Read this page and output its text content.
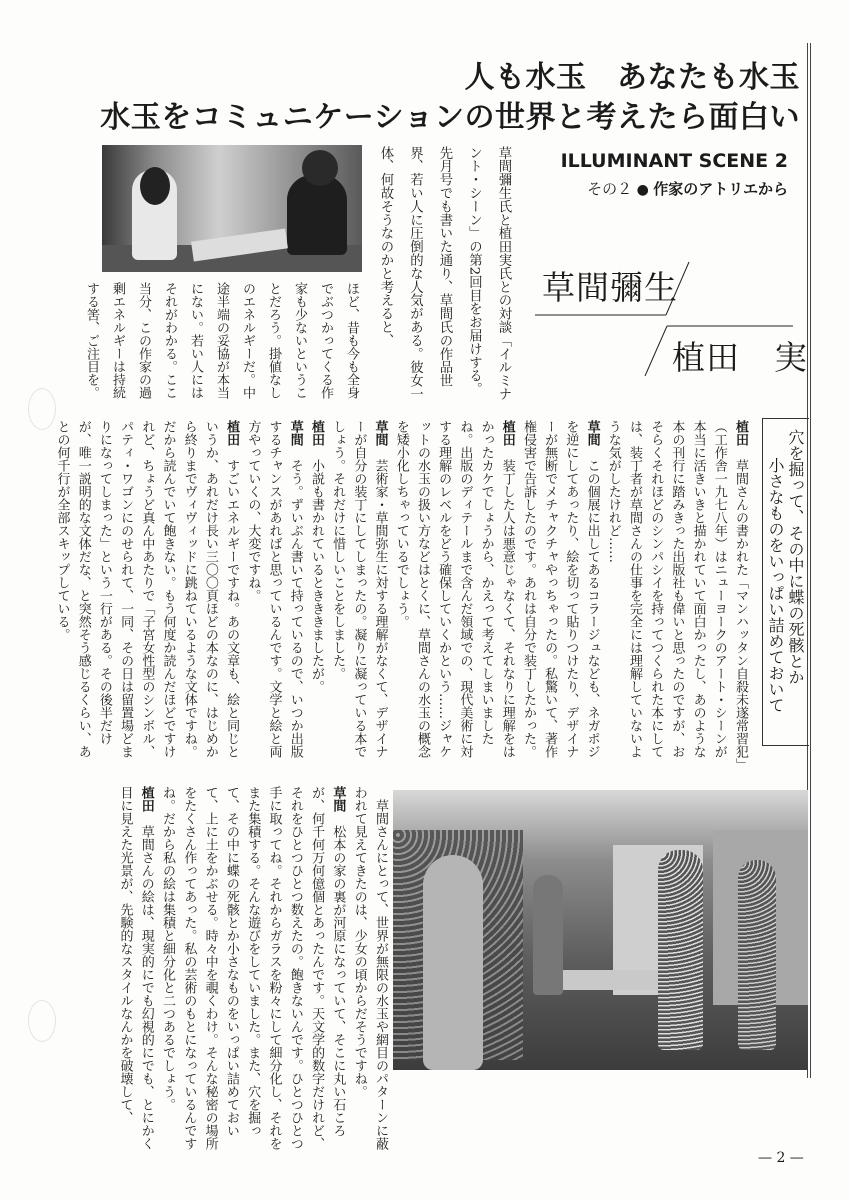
人も水玉　あなたも水玉
水玉をコミュニケーションの世界と考えたら面白い
ILLUMINANT SCENE 2
その２ ● 作家のアトリエから
草間彌生
植田　実
草間彌生氏と植田実氏との対談「イルミナント・シーン」の第2回目をお届けする。先月号でも書いた通り、草間氏の作品世界、若い人に圧倒的な人気がある。彼女一体、何故そうなのかと考えると、
ほど、昔も今も全身でぶつかってくる作家も少ないということだろう。掛値なしのエネルギーだ。中途半端の妥協が本当にない。若い人にはそれがわかる。ここ当分、この作家の過剰エネルギーは持続する筈、ご注目を。
穴を掘って、その中に蝶の死骸とか
小さなものをいっぱい詰めておいて

植田　草間さんの書かれた「マンハッタン自殺未遂常習犯」（工作舎一九七八年）はニューヨークのアート・シーンが本当に活きいきと描かれていて面白かったし、あのような本の刊行に踏みきった出版社も偉いと思ったのですが、おそらくそれほどのシンパシイを持ってつくられた本にしては、装丁者が草間さんの仕事を完全には理解していないような気がしたけれど……

草間　この個展に出してあるコラージュなども、ネガポジを逆にしてあったり、絵を切って貼りつけたり、デザイナーが無断でメチャクチャやっちゃったの。私驚いて、著作権侵害で告訴したのです。あれは自分で装丁したかった。

植田　装丁した人は悪意じゃなくて、それなりに理解をはかったカケでしょうから、かえって考えてしまいましたね。出版のディテールまで含んだ領域での、現代美術に対する理解のレベルをどう確保していくかという……ジャケットの水玉の扱い方などはとくに、草間さんの水玉の概念を矮小化しちゃっているでしょう。

草間　芸術家・草間弥生に対する理解がなくて、デザイナーが自分の装丁にしてしまったの。凝りに凝っている本でしょう。それだけに惜しいことをしました。

植田　小説も書かれているときききましたが。

草間　そう。ずいぶん書いて持っているので、いつか出版するチャンスがあればと思っているんです。文学と絵と両方やっていくの、大変ですね。

植田　すごいエネルギーですね。あの文章も、絵と同じというか、あれだけ長い三〇〇頁ほどの本なのに、はじめから終りまでヴィヴィッドに跳ねているような文体ですね。だから読んでいて飽きない。もう何度か読んだほどですけれど、ちょうど真ん中あたりで「子宮女性型のシンボル、パティ・ワゴンにのせられて、一同、その日は留置場どまりになってしまった」という一行がある。その後半だけが、唯一説明的な文体だな、と突然そう感じるくらい、あとの何千行が全部スキップしている。

草間さんにとって、世界が無限の水玉や網目のパターンに蔽われて見えてきたのは、少女の頃からだそうですね。

草間　松本の家の裏が河原になっていて、そこに丸い石ころが、何千何万何億個とあったんです。天文学的数字だけれど、それをひとつひとつ数えたの。飽きないんです。ひとつひとつ手に取ってね。それからガラスを粉々にして細分化し、それをまた集積する。そんな遊びをしていました。また、穴を掘って、その中に蝶の死骸とか小さなものをいっぱい詰めておいて、上に土をかぶせる。時々中を覗くわけ。そんな秘密の場所をたくさん作ってあった。私の芸術のもとになっているんですね。だから私の絵は集積と細分化と二つあるでしょう。

植田　草間さんの絵は、現実的にでも幻視的にでも、とにかく目に見えた光景が、先験的なスタイルなんかを破壊して、

— 2 —
